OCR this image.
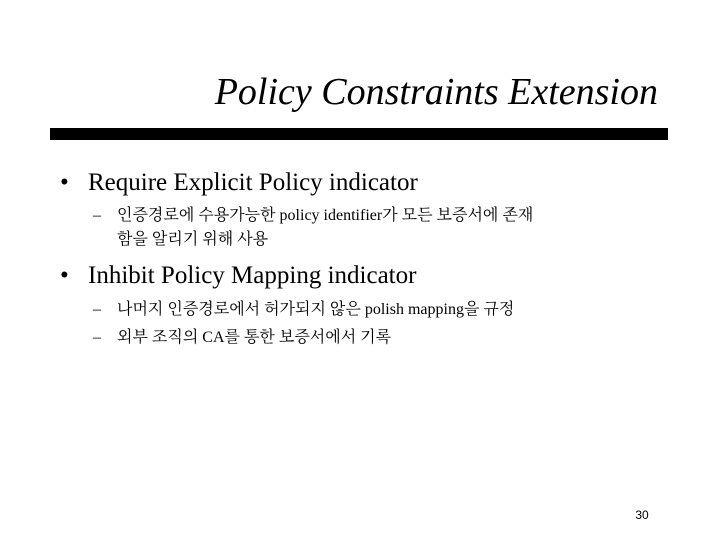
Policy Constraints Extension
• Require Explicit Policy indicator
–	인증경로에 수용가능한 policy identifier가 모든 보증서에 존재
함을 알리기 위해 사용
• Inhibit Policy Mapping indicator
–	나머지 인증경로에서 허가되지 않은 polish mapping을 규정
–	외부 조직의 CA를 통한 보증서에서 기록
30
